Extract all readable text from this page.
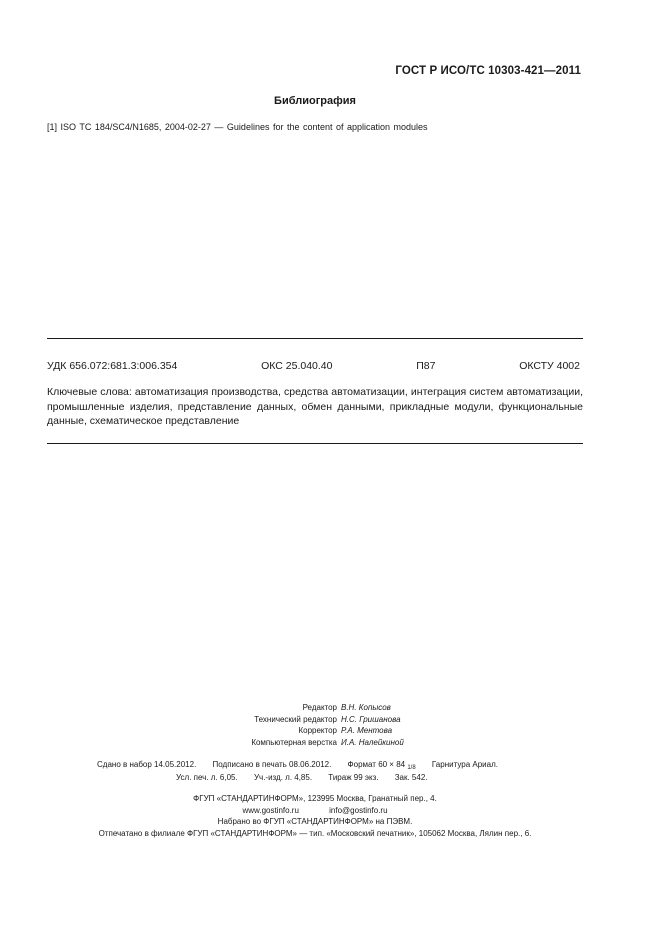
ГОСТ Р ИСО/ТС 10303-421—2011
Библиография
[1] ISO TC 184/SC4/N1685, 2004-02-27 — Guidelines for the content of application modules
УДК 656.072:681.3:006.354	ОКС 25.040.40	П87	ОКСТУ 4002
Ключевые слова: автоматизация производства, средства автоматизации, интеграция систем автоматизации, промышленные изделия, представление данных, обмен данными, прикладные модули, функциональные данные, схематическое представление
Редактор В.Н. Копысов
Технический редактор Н.С. Гришанова
Корректор Р.А. Ментова
Компьютерная верстка И.А. Налейкиной
Сдано в набор 14.05.2012. Подписано в печать 08.06.2012. Формат 60 × 84 $_{1/8}$ Гарнитура Ариал.
Усл. печ. л. 6,05. Уч.-изд. л. 4,85. Тираж 99 экз. Зак. 542.
ФГУП «СТАНДАРТИНФОРМ», 123995 Москва, Гранатный пер., 4.
www.gostinfo.ru	info@gostinfo.ru
Набрано во ФГУП «СТАНДАРТИНФОРМ» на ПЭВМ.
Отпечатано в филиале ФГУП «СТАНДАРТИНФОРМ» — тип. «Московский печатник», 105062 Москва, Лялин пер., 6.
